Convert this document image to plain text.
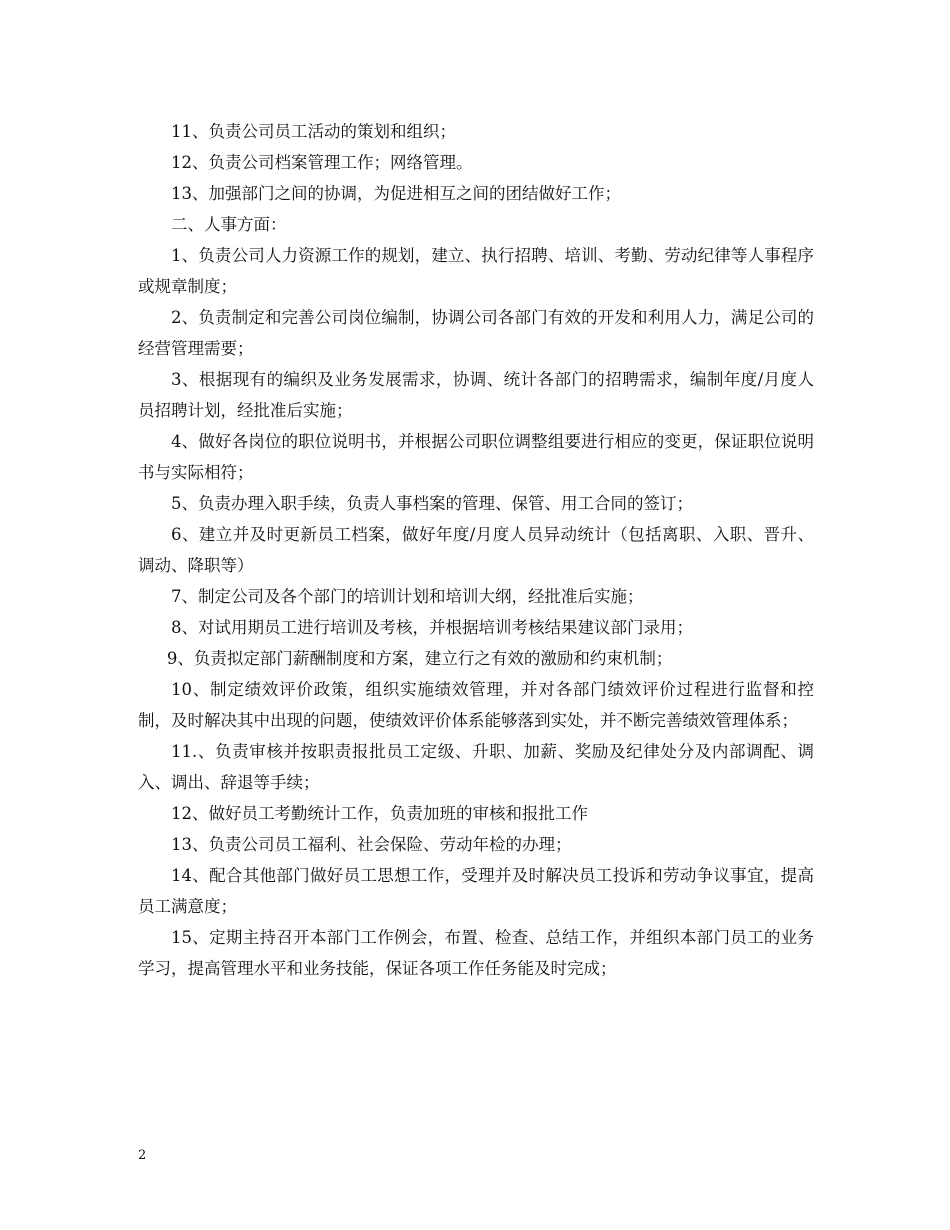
11、负责公司员工活动的策划和组织；

12、负责公司档案管理工作；网络管理。

13、加强部门之间的协调，为促进相互之间的团结做好工作；

二、人事方面：

1、负责公司人力资源工作的规划，建立、执行招聘、培训、考勤、劳动纪律等人事程序或规章制度；

2、负责制定和完善公司岗位编制，协调公司各部门有效的开发和利用人力，满足公司的经营管理需要；

3、根据现有的编织及业务发展需求，协调、统计各部门的招聘需求，编制年度/月度人员招聘计划，经批准后实施；

4、做好各岗位的职位说明书，并根据公司职位调整组要进行相应的变更，保证职位说明书与实际相符；

5、负责办理入职手续，负责人事档案的管理、保管、用工合同的签订；

6、建立并及时更新员工档案，做好年度/月度人员异动统计（包括离职、入职、晋升、调动、降职等）

7、制定公司及各个部门的培训计划和培训大纲，经批准后实施；

8、对试用期员工进行培训及考核，并根据培训考核结果建议部门录用；

9、负责拟定部门薪酬制度和方案，建立行之有效的激励和约束机制；

10、制定绩效评价政策，组织实施绩效管理，并对各部门绩效评价过程进行监督和控制，及时解决其中出现的问题，使绩效评价体系能够落到实处，并不断完善绩效管理体系；

11.、负责审核并按职责报批员工定级、升职、加薪、奖励及纪律处分及内部调配、调入、调出、辞退等手续；

12、做好员工考勤统计工作，负责加班的审核和报批工作

13、负责公司员工福利、社会保险、劳动年检的办理；

14、配合其他部门做好员工思想工作，受理并及时解决员工投诉和劳动争议事宜，提高员工满意度；

15、定期主持召开本部门工作例会，布置、检查、总结工作，并组织本部门员工的业务学习，提高管理水平和业务技能，保证各项工作任务能及时完成；

2
